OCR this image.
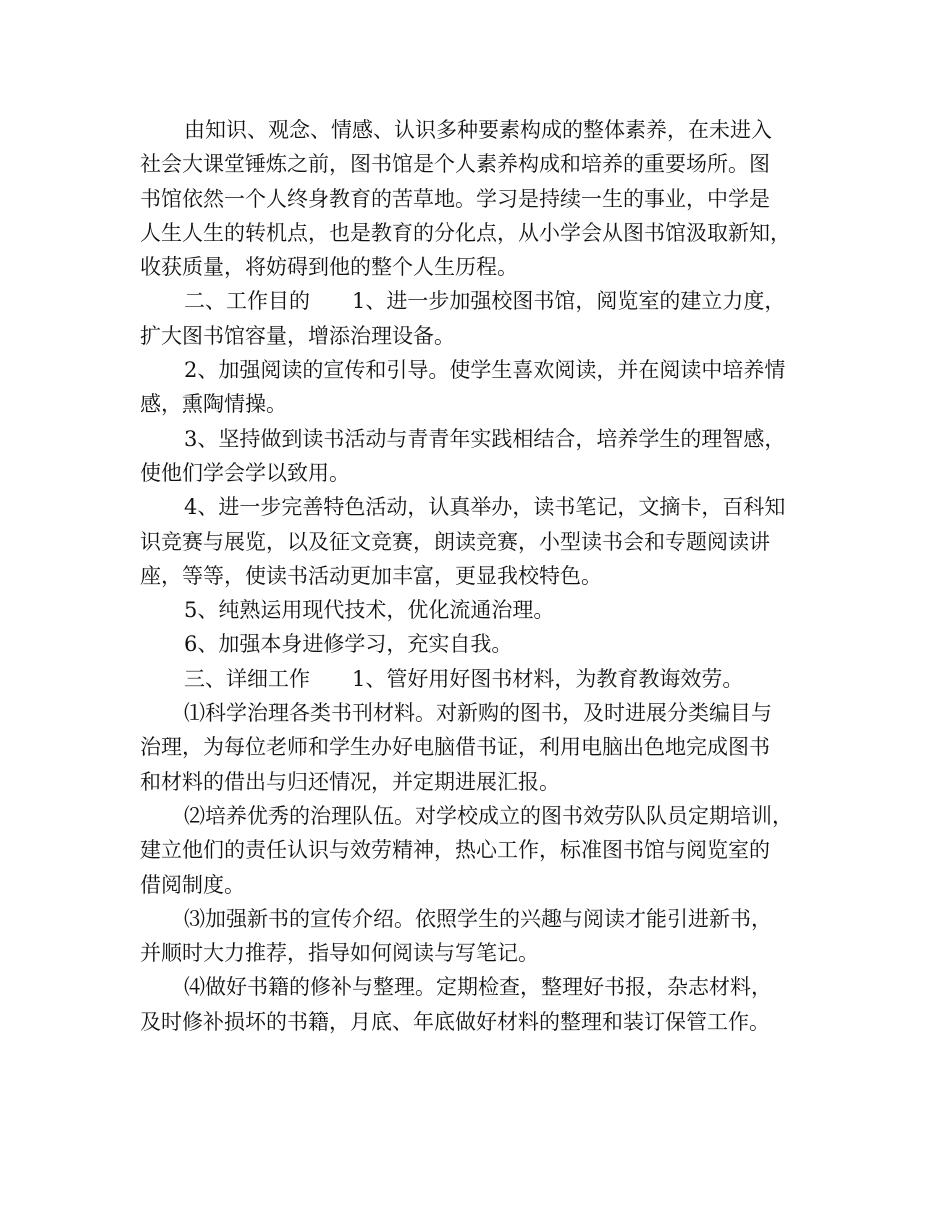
由知识、观念、情感、认识多种要素构成的整体素养，在未进入
社会大课堂锤炼之前，图书馆是个人素养构成和培养的重要场所。图
书馆依然一个人终身教育的苦草地。学习是持续一生的事业，中学是
人生人生的转机点，也是教育的分化点，从小学会从图书馆汲取新知，
收获质量，将妨碍到他的整个人生历程。
二、工作目的　　1、进一步加强校图书馆，阅览室的建立力度，
扩大图书馆容量，增添治理设备。
2、加强阅读的宣传和引导。使学生喜欢阅读，并在阅读中培养情
感，熏陶情操。
3、坚持做到读书活动与青青年实践相结合，培养学生的理智感，
使他们学会学以致用。
4、进一步完善特色活动，认真举办，读书笔记，文摘卡，百科知
识竞赛与展览，以及征文竞赛，朗读竞赛，小型读书会和专题阅读讲
座，等等，使读书活动更加丰富，更显我校特色。
5、纯熟运用现代技术，优化流通治理。
6、加强本身进修学习，充实自我。
三、详细工作　　1、管好用好图书材料，为教育教诲效劳。
⑴科学治理各类书刊材料。对新购的图书，及时进展分类编目与
治理，为每位老师和学生办好电脑借书证，利用电脑出色地完成图书
和材料的借出与归还情况，并定期进展汇报。
⑵培养优秀的治理队伍。对学校成立的图书效劳队队员定期培训，
建立他们的责任认识与效劳精神，热心工作，标准图书馆与阅览室的
借阅制度。
⑶加强新书的宣传介绍。依照学生的兴趣与阅读才能引进新书，
并顺时大力推荐，指导如何阅读与写笔记。
⑷做好书籍的修补与整理。定期检查，整理好书报，杂志材料，
及时修补损坏的书籍，月底、年底做好材料的整理和装订保管工作。
